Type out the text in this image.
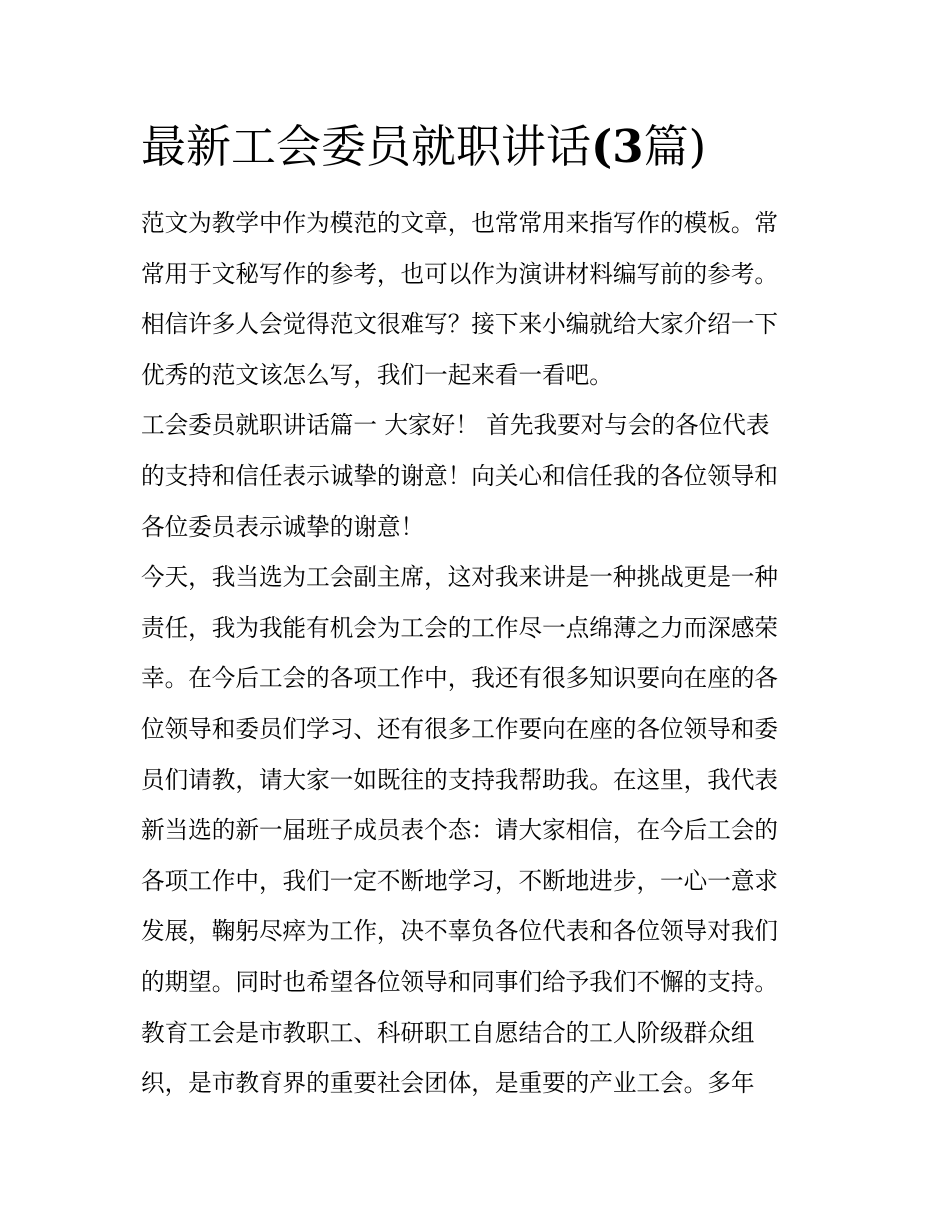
最新工会委员就职讲话(3篇)

范文为教学中作为模范的文章，也常常用来指写作的模板。常
常用于文秘写作的参考，也可以作为演讲材料编写前的参考。
相信许多人会觉得范文很难写？接下来小编就给大家介绍一下
优秀的范文该怎么写，我们一起来看一看吧。

工会委员就职讲话篇一 大家好！ 首先我要对与会的各位代表
的支持和信任表示诚挚的谢意！向关心和信任我的各位领导和
各位委员表示诚挚的谢意！

今天，我当选为工会副主席，这对我来讲是一种挑战更是一种
责任，我为我能有机会为工会的工作尽一点绵薄之力而深感荣
幸。在今后工会的各项工作中，我还有很多知识要向在座的各
位领导和委员们学习、还有很多工作要向在座的各位领导和委
员们请教，请大家一如既往的支持我帮助我。在这里，我代表
新当选的新一届班子成员表个态：请大家相信，在今后工会的
各项工作中，我们一定不断地学习，不断地进步，一心一意求
发展，鞠躬尽瘁为工作，决不辜负各位代表和各位领导对我们
的期望。同时也希望各位领导和同事们给予我们不懈的支持。

教育工会是市教职工、科研职工自愿结合的工人阶级群众组
织，是市教育界的重要社会团体，是重要的产业工会。多年
